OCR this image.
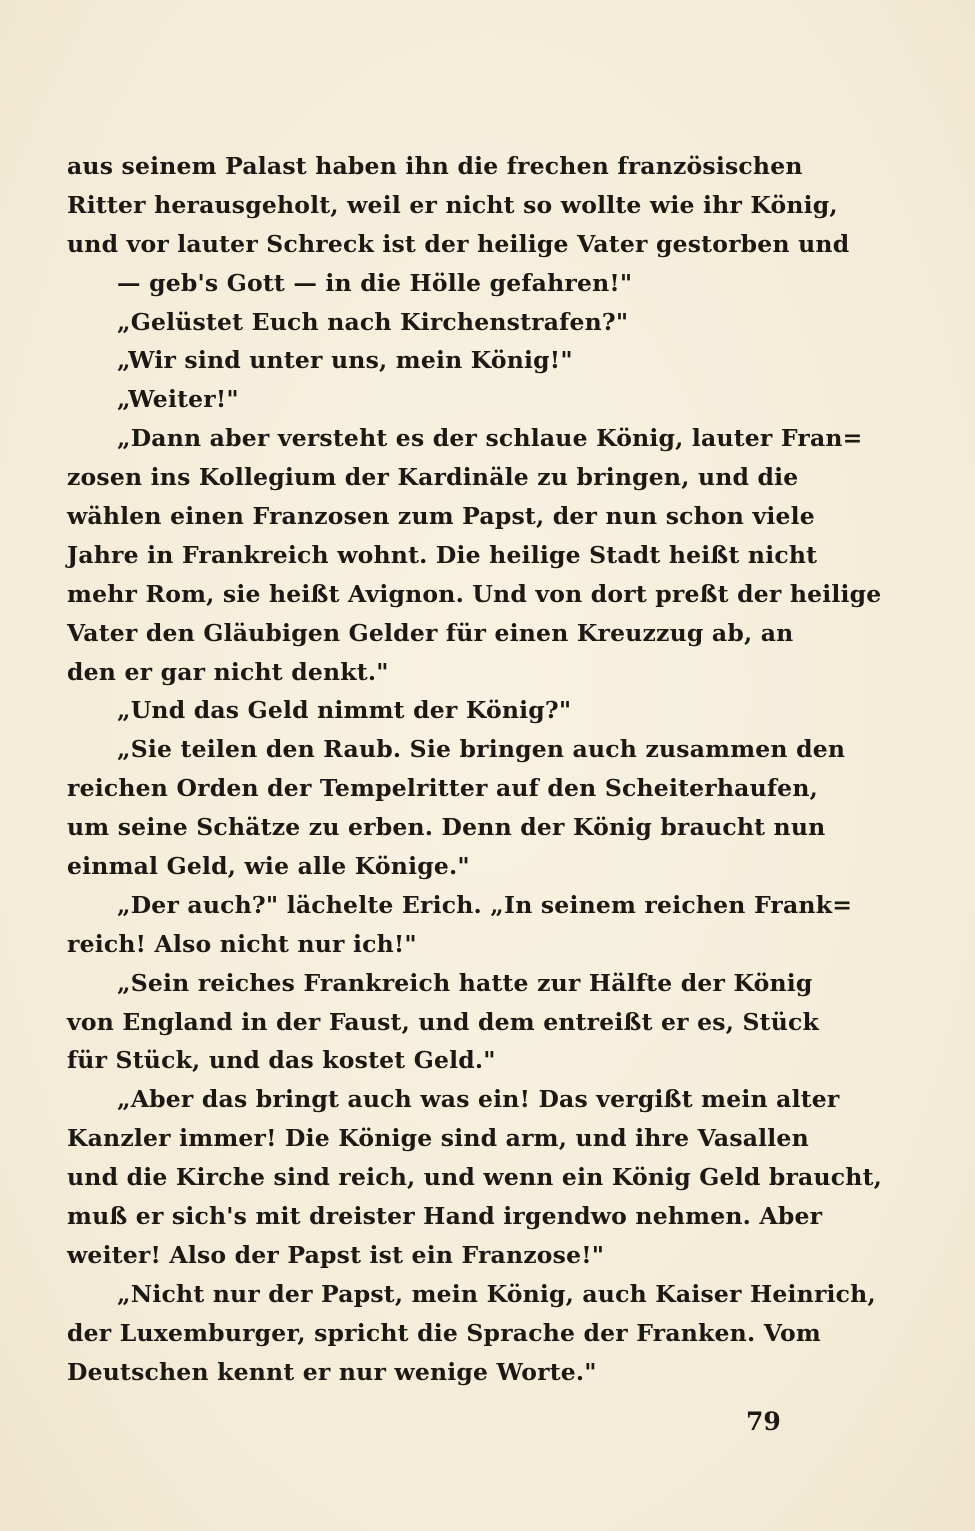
aus seinem Palast haben ihn die frechen französischen
Ritter herausgeholt, weil er nicht so wollte wie ihr König,
und vor lauter Schreck ist der heilige Vater gestorben und
— geb's Gott — in die Hölle gefahren!"
„Gelüstet Euch nach Kirchenstrafen?"
„Wir sind unter uns, mein König!"
„Weiter!"
„Dann aber versteht es der schlaue König, lauter Fran=
zosen ins Kollegium der Kardinäle zu bringen, und die
wählen einen Franzosen zum Papst, der nun schon viele
Jahre in Frankreich wohnt. Die heilige Stadt heißt nicht
mehr Rom, sie heißt Avignon. Und von dort preßt der heilige
Vater den Gläubigen Gelder für einen Kreuzzug ab, an
den er gar nicht denkt."
„Und das Geld nimmt der König?"
„Sie teilen den Raub. Sie bringen auch zusammen den
reichen Orden der Tempelritter auf den Scheiterhaufen,
um seine Schätze zu erben. Denn der König braucht nun
einmal Geld, wie alle Könige."
„Der auch?" lächelte Erich. „In seinem reichen Frank=
reich! Also nicht nur ich!"
„Sein reiches Frankreich hatte zur Hälfte der König
von England in der Faust, und dem entreißt er es, Stück
für Stück, und das kostet Geld."
„Aber das bringt auch was ein! Das vergißt mein alter
Kanzler immer! Die Könige sind arm, und ihre Vasallen
und die Kirche sind reich, und wenn ein König Geld braucht,
muß er sich's mit dreister Hand irgendwo nehmen. Aber
weiter! Also der Papst ist ein Franzose!"
„Nicht nur der Papst, mein König, auch Kaiser Heinrich,
der Luxemburger, spricht die Sprache der Franken. Vom
Deutschen kennt er nur wenige Worte."
79
